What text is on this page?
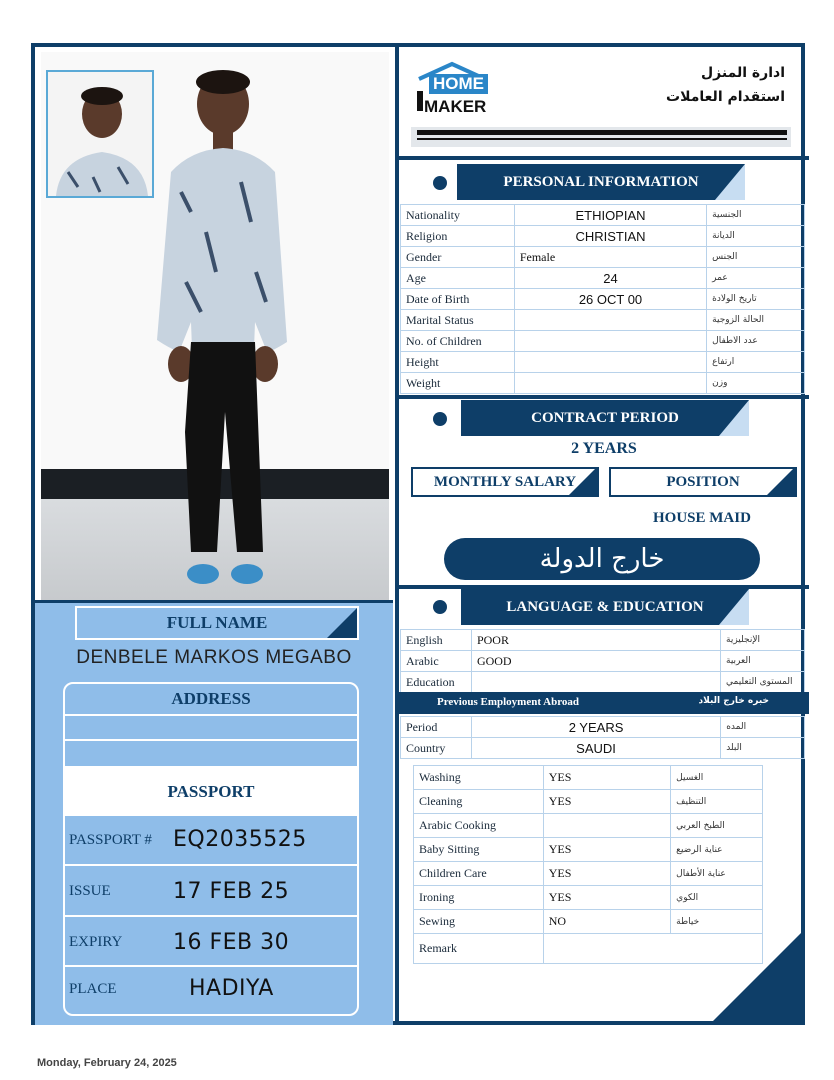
FULL NAME
DENBELE MARKOS MEGABO
ADDRESS
PASSPORT
PASSPORT # EQ2035525
ISSUE	17 FEB 25
EXPIRY 16 FEB 30
PLACE	HADIYA
HOME
MAKER
ادارة المنزل
استقدام العاملات
PERSONAL INFORMATION
Nationality	ETHIOPIAN	الجنسية
Religion	CHRISTIAN	الديانة
Gender	Female	الجنس
Age	24	عمر
Date of Birth	26 OCT 00	تاريخ الولادة
Marital Status		الحالة الزوجية
No. of Children		عدد الاطفال
Height		ارتفاع
Weight		وزن
CONTRACT PERIOD
2 YEARS
MONTHLY SALARY	POSITION
HOUSE MAID
خارج الدولة
LANGUAGE & EDUCATION
English	POOR	الإنجليزية
Arabic	GOOD	العربية
Education		المستوى التعليمي
Previous Employment Abroad	خبره خارج البلاد
Period	2 YEARS	المده
Country	SAUDI	البلد
Washing	YES	الغسيل
Cleaning	YES	التنظيف
Arabic Cooking		الطبخ العربي
Baby Sitting	YES	عناية الرضيع
Children Care	YES	عناية الأطفال
Ironing	YES	الكوي
Sewing	NO	خياطة
Remark		
Monday, February 24, 2025
